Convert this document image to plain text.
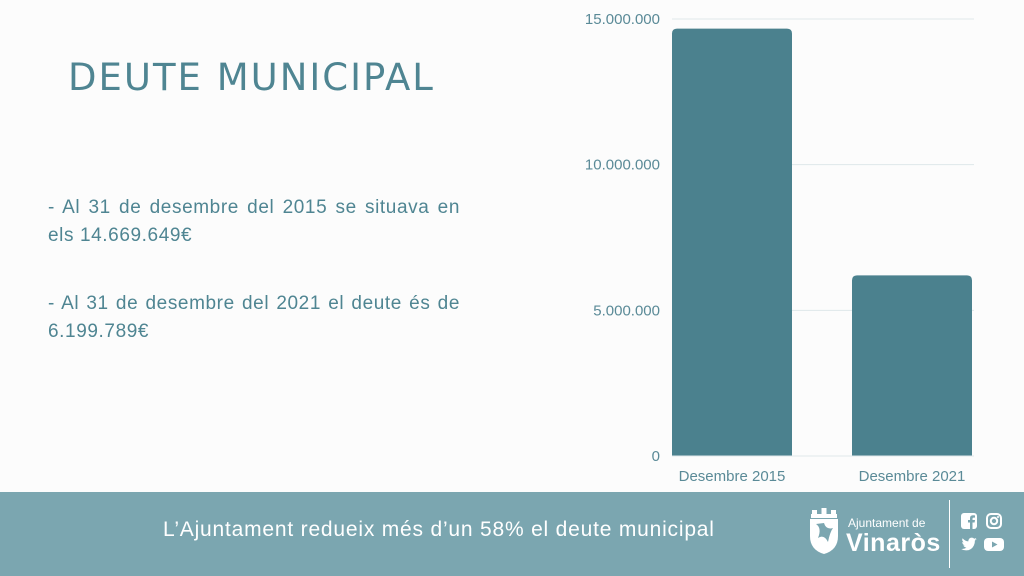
DEUTE MUNICIPAL
- Al 31 de desembre del 2015 se situava en els 14.669.649€
- Al 31 de desembre del 2021 el deute és de 6.199.789€
0
5.000.000
10.000.000
15.000.000
Desembre 2015	Desembre 2021
L’Ajuntament redueix més d’un 58% el deute municipal	Ajuntament de
Vinaròs
